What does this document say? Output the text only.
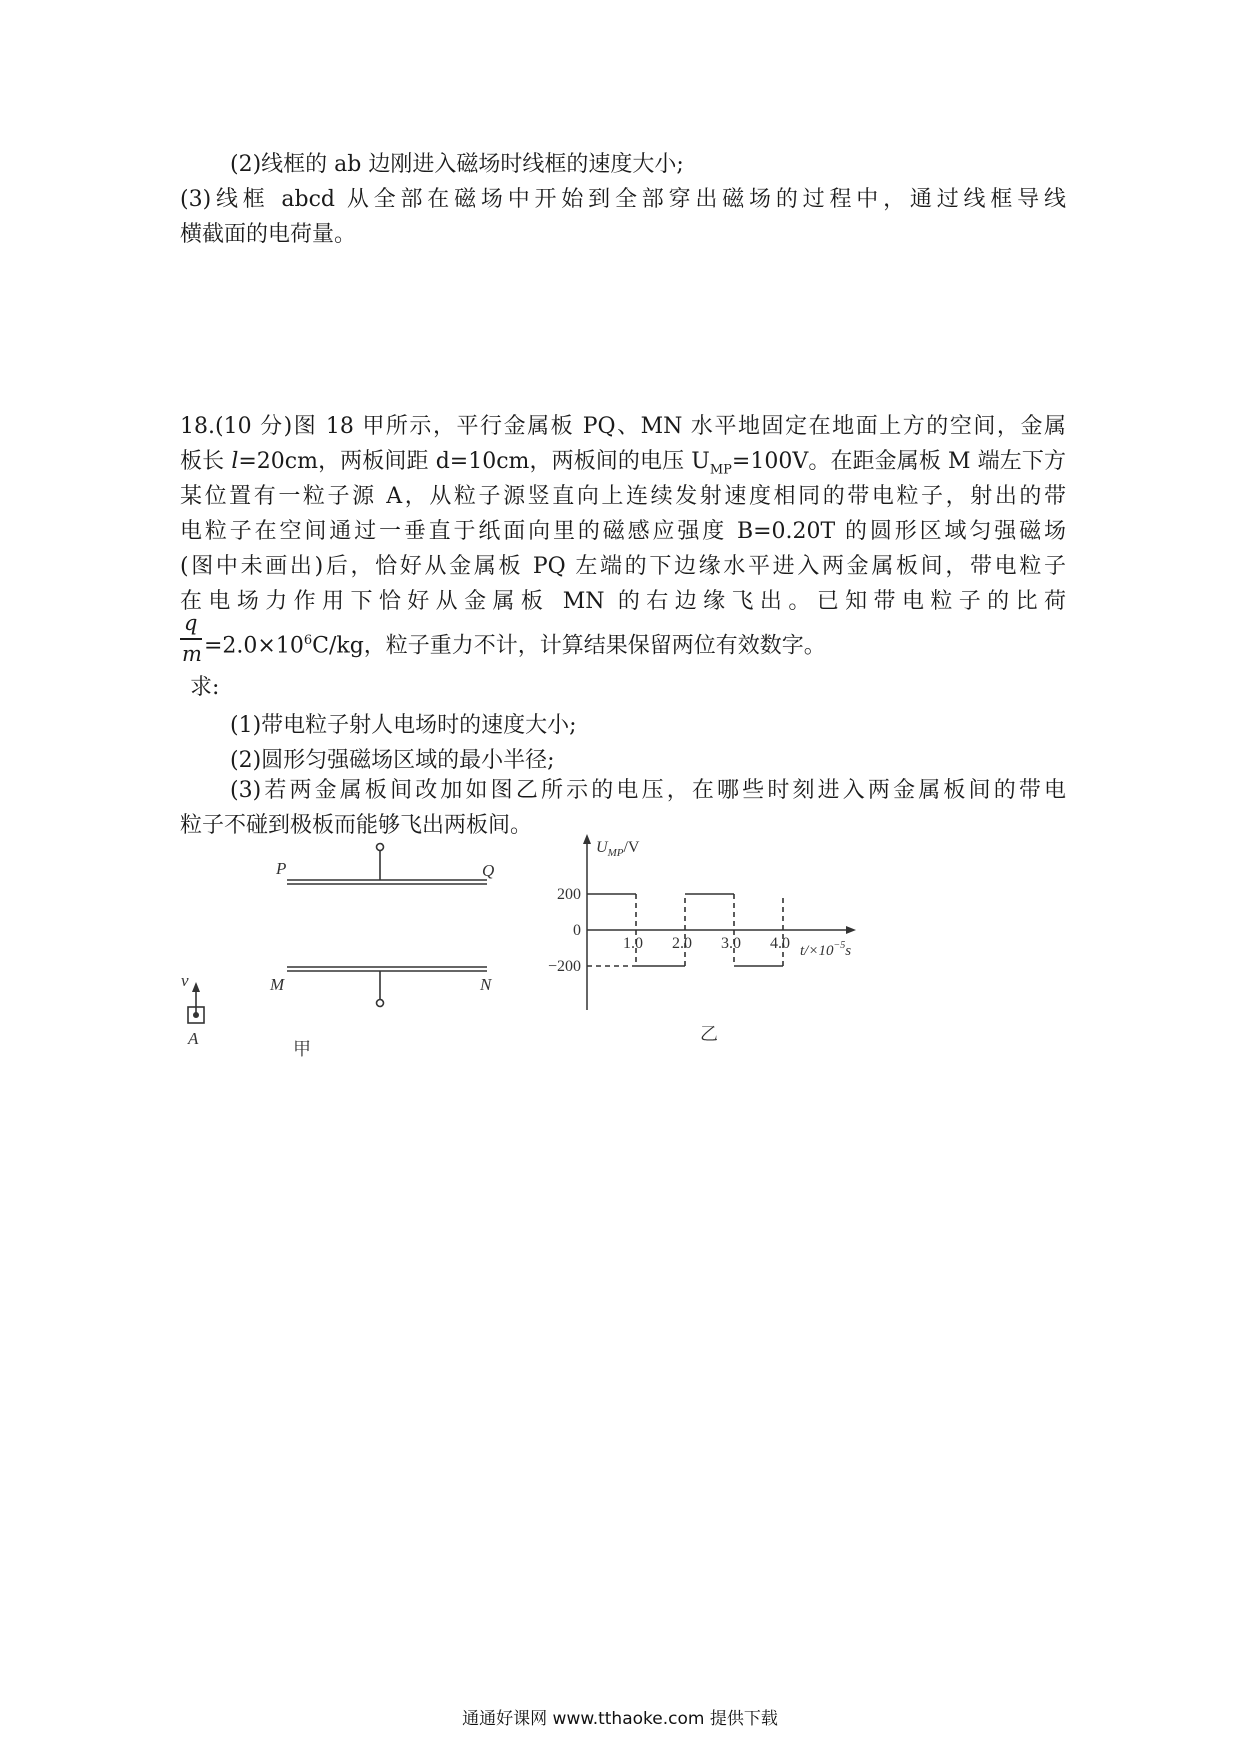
(2)线框的 ab 边刚进入磁场时线框的速度大小;
(3)线框 abcd 从全部在磁场中开始到全部穿出磁场的过程中，通过线框导线
横截面的电荷量。
18.(10 分)图 18 甲所示，平行金属板 PQ、MN 水平地固定在地面上方的空间，金属
板长 l=20cm，两板间距 d=10cm，两板间的电压 $U_{MP}=100V$。在距金属板 M 端左下方
某位置有一粒子源 A，从粒子源竖直向上连续发射速度相同的带电粒子，射出的带
电粒子在空间通过一垂直于纸面向里的磁感应强度 B=0.20T 的圆形区域匀强磁场
(图中未画出)后，恰好从金属板 PQ 左端的下边缘水平进入两金属板间，带电粒子
在电场力作用下恰好从金属板 MN 的右边缘飞出。已知带电粒子的比荷
q
$m =2.0\times 10^6C/kg$，粒子重力不计，计算结果保留两位有效数字。
求:
(1)带电粒子射人电场时的速度大小;
(2)圆形匀强磁场区域的最小半径;
(3)若两金属板间改加如图乙所示的电压，在哪些时刻进入两金属板间的带电
粒子不碰到极板而能够飞出两板间。
P	Q
M	N
v
A
甲
$U_{MP}/V$
$t/\times 10^{-5}s$
200
0
−200
1.0 2.0 3.0 4.0
乙
通通好课网 www.tthaoke.com 提供下载
